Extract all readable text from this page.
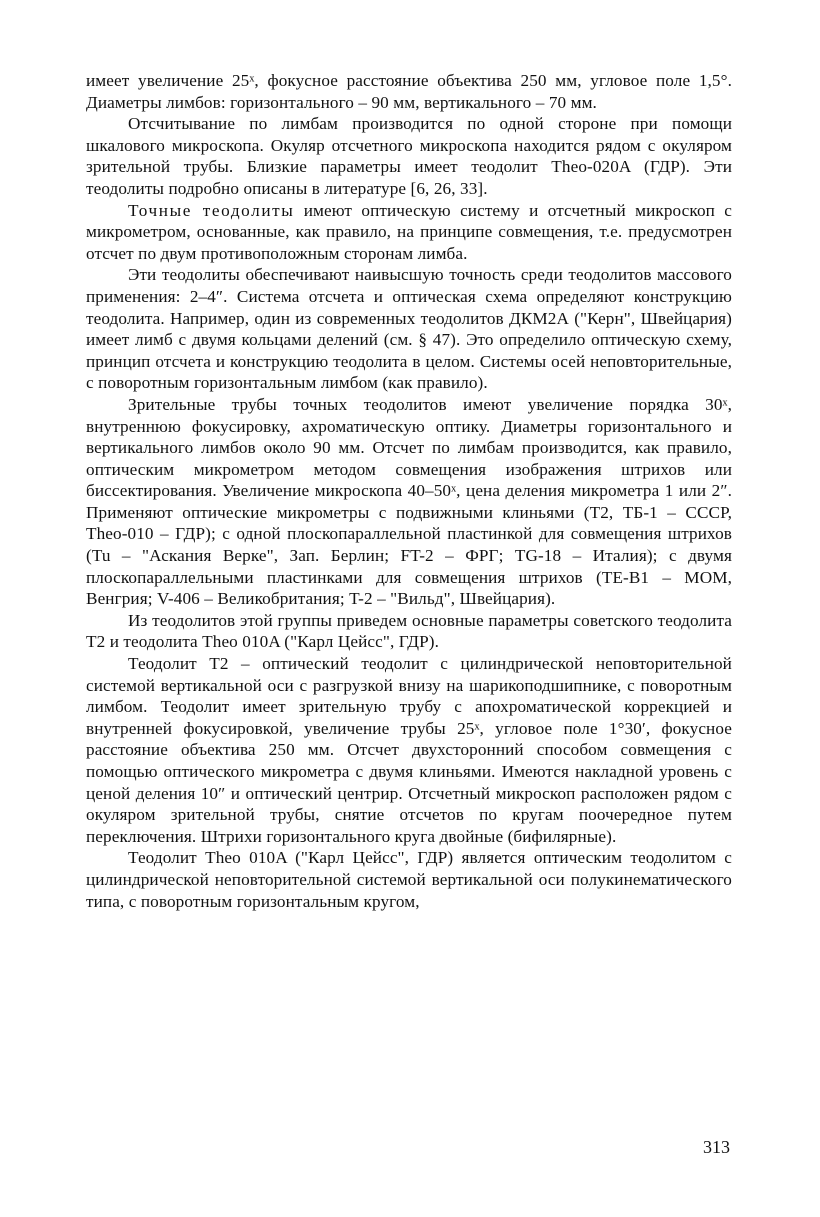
имеет увеличение 25ˣ, фокусное расстояние объектива 250 мм, угловое поле 1,5°. Диаметры лимбов: горизонтального – 90 мм, вертикального – 70 мм.

Отсчитывание по лимбам производится по одной стороне при помощи шкалового микроскопа. Окуляр отсчетного микроскопа находится рядом с окуляром зрительной трубы. Близкие параметры имеет теодолит Theo-020A (ГДР). Эти теодолиты подробно описаны в литературе [6, 26, 33].

Точные теодолиты имеют оптическую систему и отсчетный микроскоп с микрометром, основанные, как правило, на принципе совмещения, т.е. предусмотрен отсчет по двум противоположным сторонам лимба.

Эти теодолиты обеспечивают наивысшую точность среди теодолитов массового применения: 2–4″. Система отсчета и оптическая схема определяют конструкцию теодолита. Например, один из современных теодолитов ДКМ2А ("Керн", Швейцария) имеет лимб с двумя кольцами делений (см. § 47). Это определило оптическую схему, принцип отсчета и конструкцию теодолита в целом. Системы осей неповторительные, с поворотным горизонтальным лимбом (как правило).

Зрительные трубы точных теодолитов имеют увеличение порядка 30ˣ, внутреннюю фокусировку, ахроматическую оптику. Диаметры горизонтального и вертикального лимбов около 90 мм. Отсчет по лимбам производится, как правило, оптическим микрометром методом совмещения изображения штрихов или биссектирования. Увеличение микроскопа 40–50ˣ, цена деления микрометра 1 или 2″. Применяют оптические микрометры с подвижными клиньями (Т2, ТБ-1 – СССР, Theo-010 – ГДР); с одной плоскопараллельной пластинкой для совмещения штрихов (Tu – "Аскания Верке", Зап. Берлин; FT-2 – ФРГ; TG-18 – Италия); с двумя плоскопараллельными пластинками для совмещения штрихов (TE-B1 – МОМ, Венгрия; V-406 – Великобритания; T-2 – "Вильд", Швейцария).

Из теодолитов этой группы приведем основные параметры советского теодолита Т2 и теодолита Theo 010A ("Карл Цейсс", ГДР).

Теодолит Т2 – оптический теодолит с цилиндрической неповторительной системой вертикальной оси с разгрузкой внизу на шарикоподшипнике, с поворотным лимбом. Теодолит имеет зрительную трубу с апохроматической коррекцией и внутренней фокусировкой, увеличение трубы 25ˣ, угловое поле 1°30′, фокусное расстояние объектива 250 мм. Отсчет двухсторонний способом совмещения с помощью оптического микрометра с двумя клиньями. Имеются накладной уровень с ценой деления 10″ и оптический центрир. Отсчетный микроскоп расположен рядом с окуляром зрительной трубы, снятие отсчетов по кругам поочередное путем переключения. Штрихи горизонтального круга двойные (бифилярные).

Теодолит Theo 010A ("Карл Цейсс", ГДР) является оптическим теодолитом с цилиндрической неповторительной системой вертикальной оси полукинематического типа, с поворотным горизонтальным кругом,

313
